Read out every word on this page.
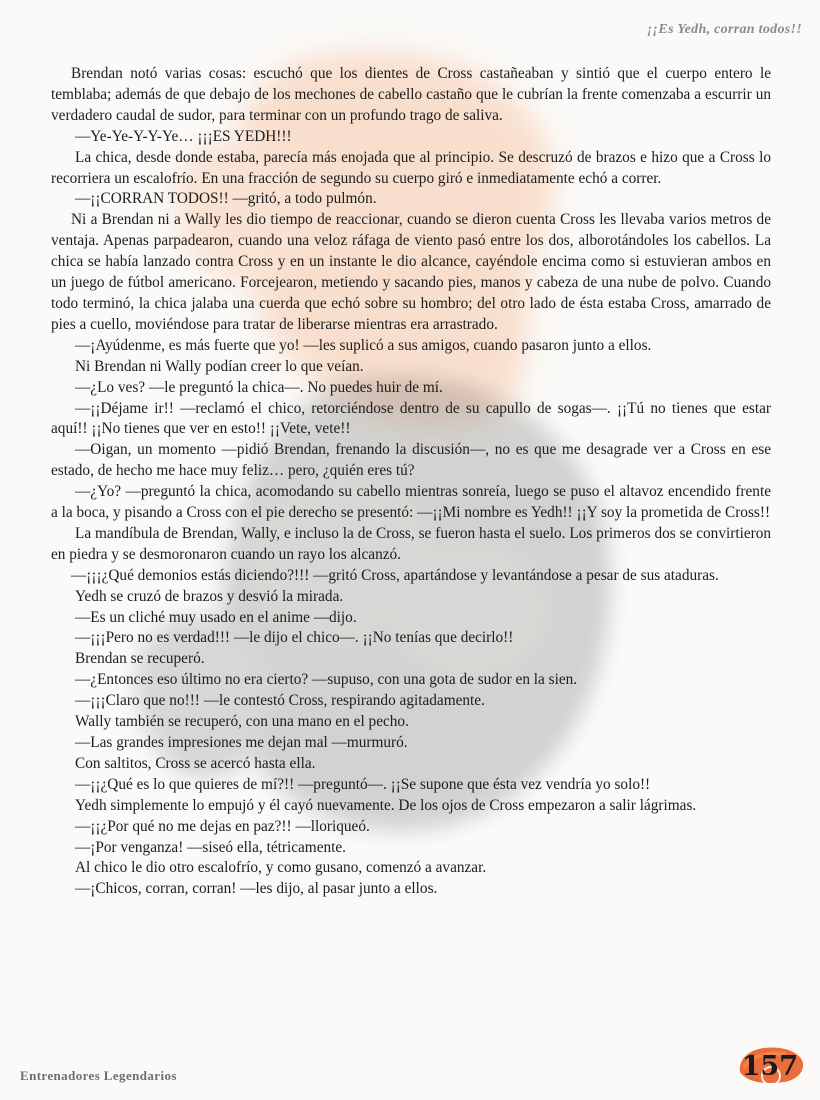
¡¡Es Yedh, corran todos!!

Brendan notó varias cosas: escuchó que los dientes de Cross castañeaban y sintió que el cuerpo entero le temblaba; además de que debajo de los mechones de cabello castaño que le cubrían la frente comenzaba a escurrir un verdadero caudal de sudor, para terminar con un profundo trago de saliva.

—Ye-Ye-Y-Y-Ye… ¡¡¡ES YEDH!!!

La chica, desde donde estaba, parecía más enojada que al principio. Se descruzó de brazos e hizo que a Cross lo recorriera un escalofrío. En una fracción de segundo su cuerpo giró e inmediatamente echó a correr.

—¡¡CORRAN TODOS!! —gritó, a todo pulmón.

Ni a Brendan ni a Wally les dio tiempo de reaccionar, cuando se dieron cuenta Cross les llevaba varios metros de ventaja. Apenas parpadearon, cuando una veloz ráfaga de viento pasó entre los dos, alborotándoles los cabellos. La chica se había lanzado contra Cross y en un instante le dio alcance, cayéndole encima como si estuvieran ambos en un juego de fútbol americano. Forcejearon, metiendo y sacando pies, manos y cabeza de una nube de polvo. Cuando todo terminó, la chica jalaba una cuerda que echó sobre su hombro; del otro lado de ésta estaba Cross, amarrado de pies a cuello, moviéndose para tratar de liberarse mientras era arrastrado.

—¡Ayúdenme, es más fuerte que yo! —les suplicó a sus amigos, cuando pasaron junto a ellos.

Ni Brendan ni Wally podían creer lo que veían.

—¿Lo ves? —le preguntó la chica—. No puedes huir de mí.

—¡¡Déjame ir!! —reclamó el chico, retorciéndose dentro de su capullo de sogas—. ¡¡Tú no tienes que estar aquí!! ¡¡No tienes que ver en esto!! ¡¡Vete, vete!!

—Oigan, un momento —pidió Brendan, frenando la discusión—, no es que me desagrade ver a Cross en ese estado, de hecho me hace muy feliz… pero, ¿quién eres tú?

—¿Yo? —preguntó la chica, acomodando su cabello mientras sonreía, luego se puso el altavoz encendido frente a la boca, y pisando a Cross con el pie derecho se presentó: —¡¡Mi nombre es Yedh!! ¡¡Y soy la prometida de Cross!!

La mandíbula de Brendan, Wally, e incluso la de Cross, se fueron hasta el suelo. Los primeros dos se convirtieron en piedra y se desmoronaron cuando un rayo los alcanzó.

—¡¡¡¿Qué demonios estás diciendo?!!! —gritó Cross, apartándose y levantándose a pesar de sus ataduras.

Yedh se cruzó de brazos y desvió la mirada.

—Es un cliché muy usado en el anime —dijo.

—¡¡¡Pero no es verdad!!! —le dijo el chico—. ¡¡No tenías que decirlo!!

Brendan se recuperó.

—¿Entonces eso último no era cierto? —supuso, con una gota de sudor en la sien.

—¡¡¡Claro que no!!! —le contestó Cross, respirando agitadamente.

Wally también se recuperó, con una mano en el pecho.

—Las grandes impresiones me dejan mal —murmuró.

Con saltitos, Cross se acercó hasta ella.

—¡¡¿Qué es lo que quieres de mí?!! —preguntó—. ¡¡Se supone que ésta vez vendría yo solo!!

Yedh simplemente lo empujó y él cayó nuevamente. De los ojos de Cross empezaron a salir lágrimas.

—¡¡¿Por qué no me dejas en paz?!! —lloriqueó.

—¡Por venganza! —siseó ella, tétricamente.

Al chico le dio otro escalofrío, y como gusano, comenzó a avanzar.

—¡Chicos, corran, corran! —les dijo, al pasar junto a ellos.

Entrenadores Legendarios	157
